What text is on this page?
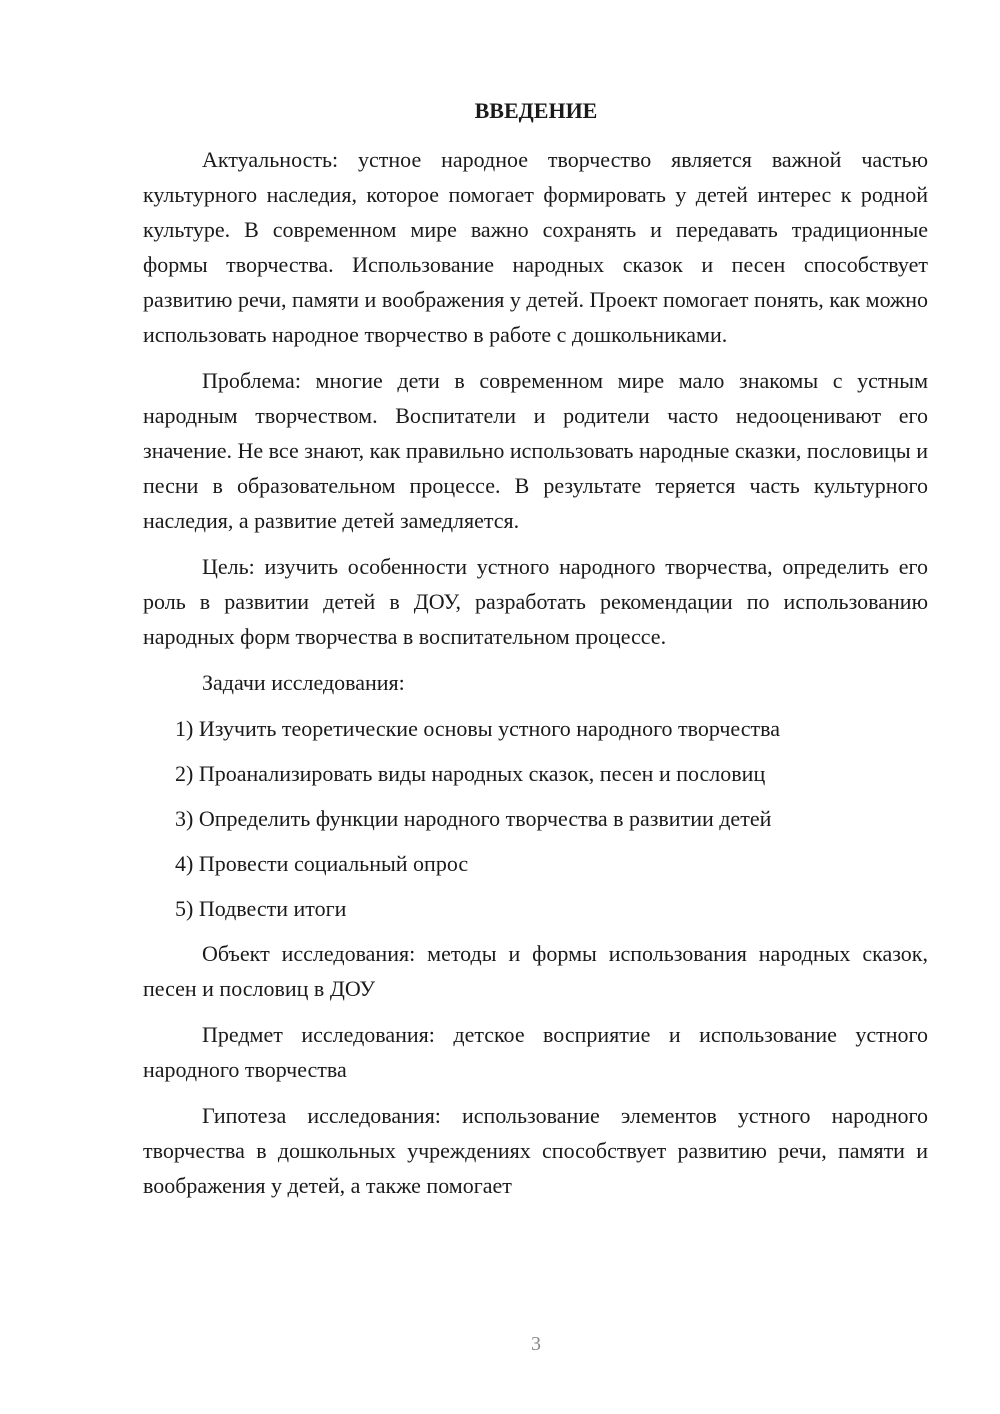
ВВЕДЕНИЕ

Актуальность: устное народное творчество является важной частью культурного наследия, которое помогает формировать у детей интерес к родной культуре. В современном мире важно сохранять и передавать традиционные формы творчества. Использование народных сказок и песен способствует развитию речи, памяти и воображения у детей. Проект помогает понять, как можно использовать народное творчество в работе с дошкольниками.

Проблема: многие дети в современном мире мало знакомы с устным народным творчеством. Воспитатели и родители часто недооценивают его значение. Не все знают, как правильно использовать народные сказки, пословицы и песни в образовательном процессе. В результате теряется часть культурного наследия, а развитие детей замедляется.

Цель: изучить особенности устного народного творчества, определить его роль в развитии детей в ДОУ, разработать рекомендации по использованию народных форм творчества в воспитательном процессе.

Задачи исследования:

1) Изучить теоретические основы устного народного творчества
2) Проанализировать виды народных сказок, песен и пословиц
3) Определить функции народного творчества в развитии детей
4) Провести социальный опрос
5) Подвести итоги

Объект исследования: методы и формы использования народных сказок, песен и пословиц в ДОУ

Предмет исследования: детское восприятие и использование устного народного творчества

Гипотеза исследования: использование элементов устного народного творчества в дошкольных учреждениях способствует развитию речи, памяти и воображения у детей, а также помогает

3
